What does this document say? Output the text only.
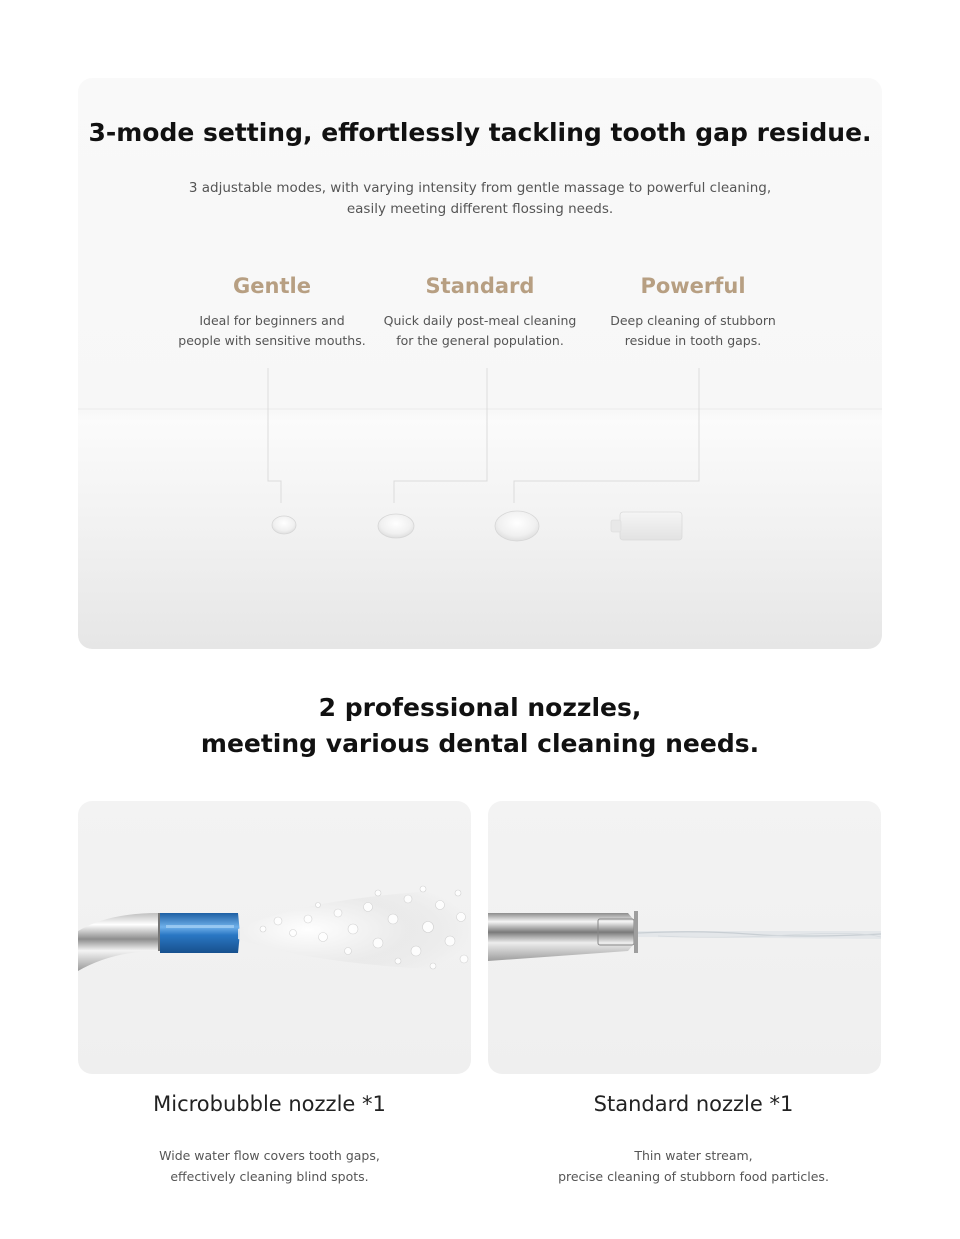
3-mode setting, effortlessly tackling tooth gap residue.
3 adjustable modes, with varying intensity from gentle massage to powerful cleaning,
easily meeting different flossing needs.
Gentle
Ideal for beginners and
people with sensitive mouths.
Standard
Quick daily post-meal cleaning
for the general population.
Powerful
Deep cleaning of stubborn
residue in tooth gaps.
2 professional nozzles,
meeting various dental cleaning needs.
Microbubble nozzle *1
Wide water flow covers tooth gaps,
effectively cleaning blind spots.
Standard nozzle *1
Thin water stream,
precise cleaning of stubborn food particles.
